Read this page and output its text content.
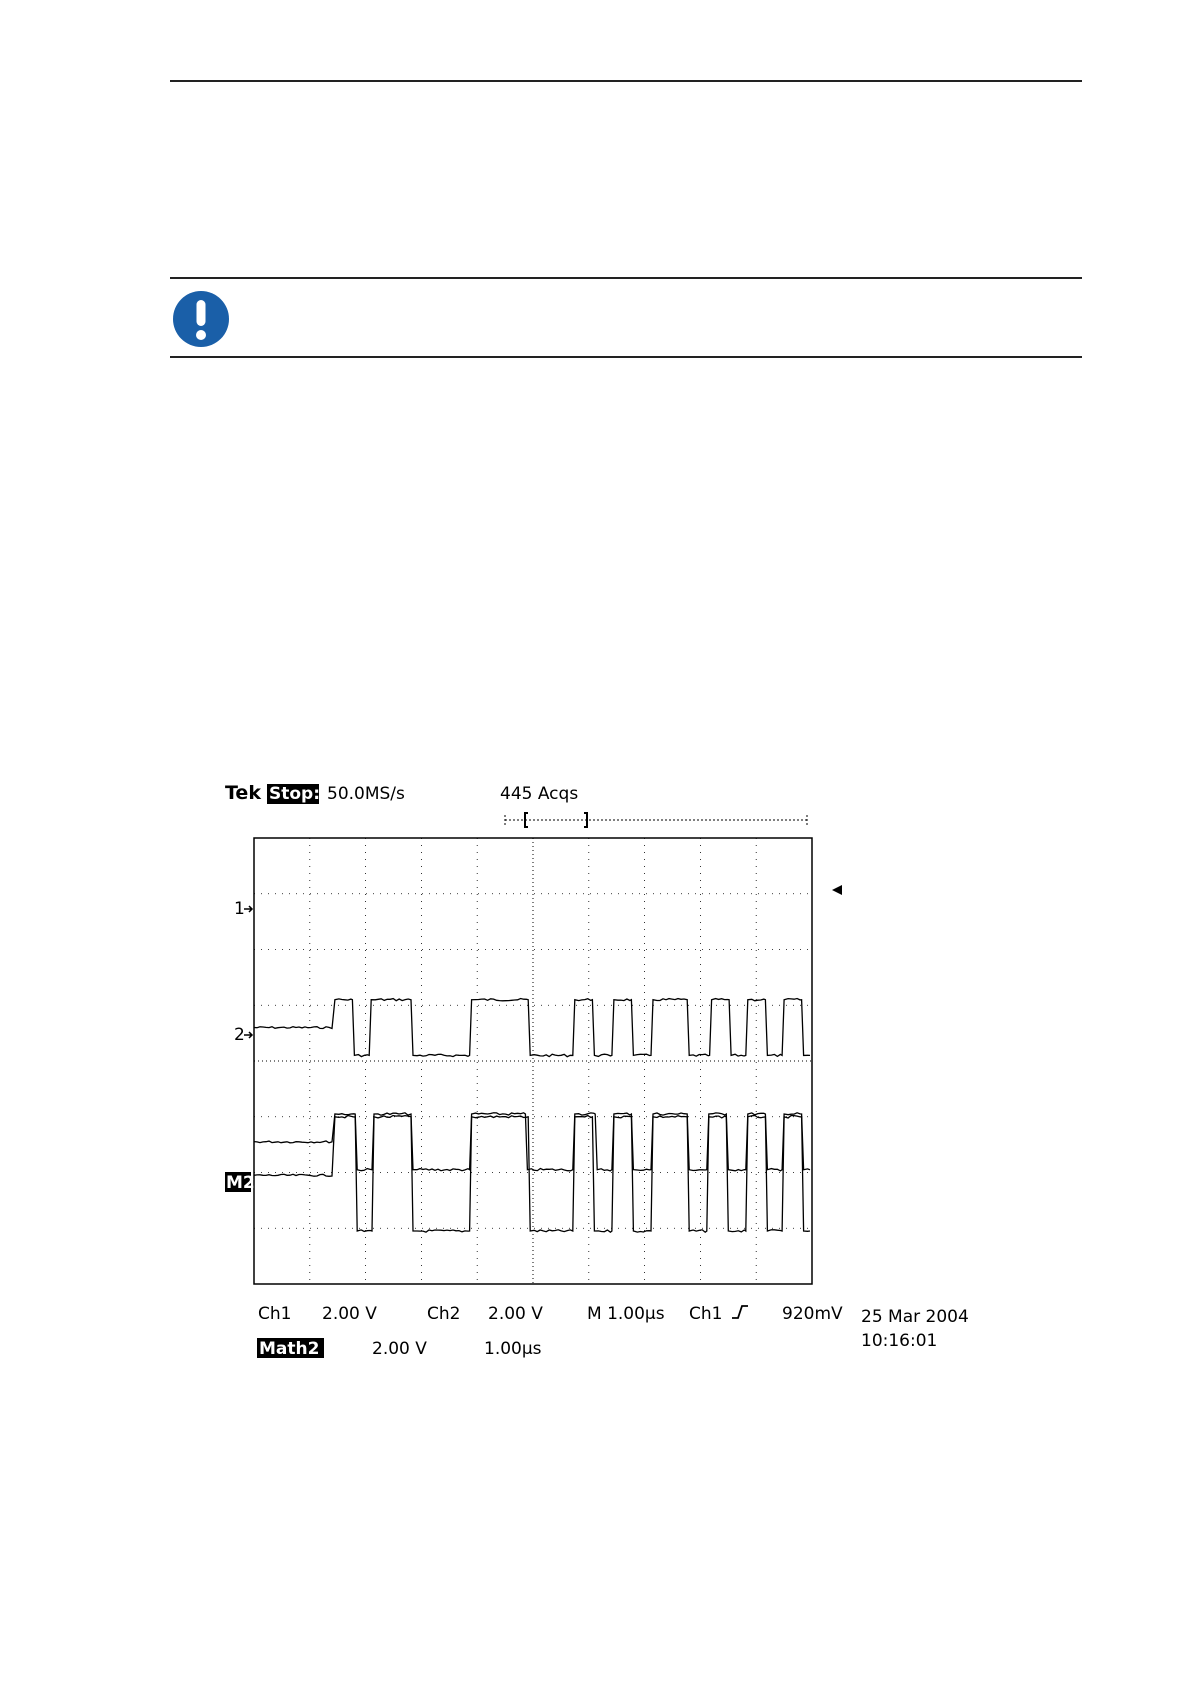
Tek Stop: 50.0MS/s	445 Acqs
1
2
M2
Ch1 2.00 V	Ch2 2.00 V	M 1.00µs Ch1	920mV 25 Mar 2004
10:16:01
Math2	2.00 V	1.00µs
